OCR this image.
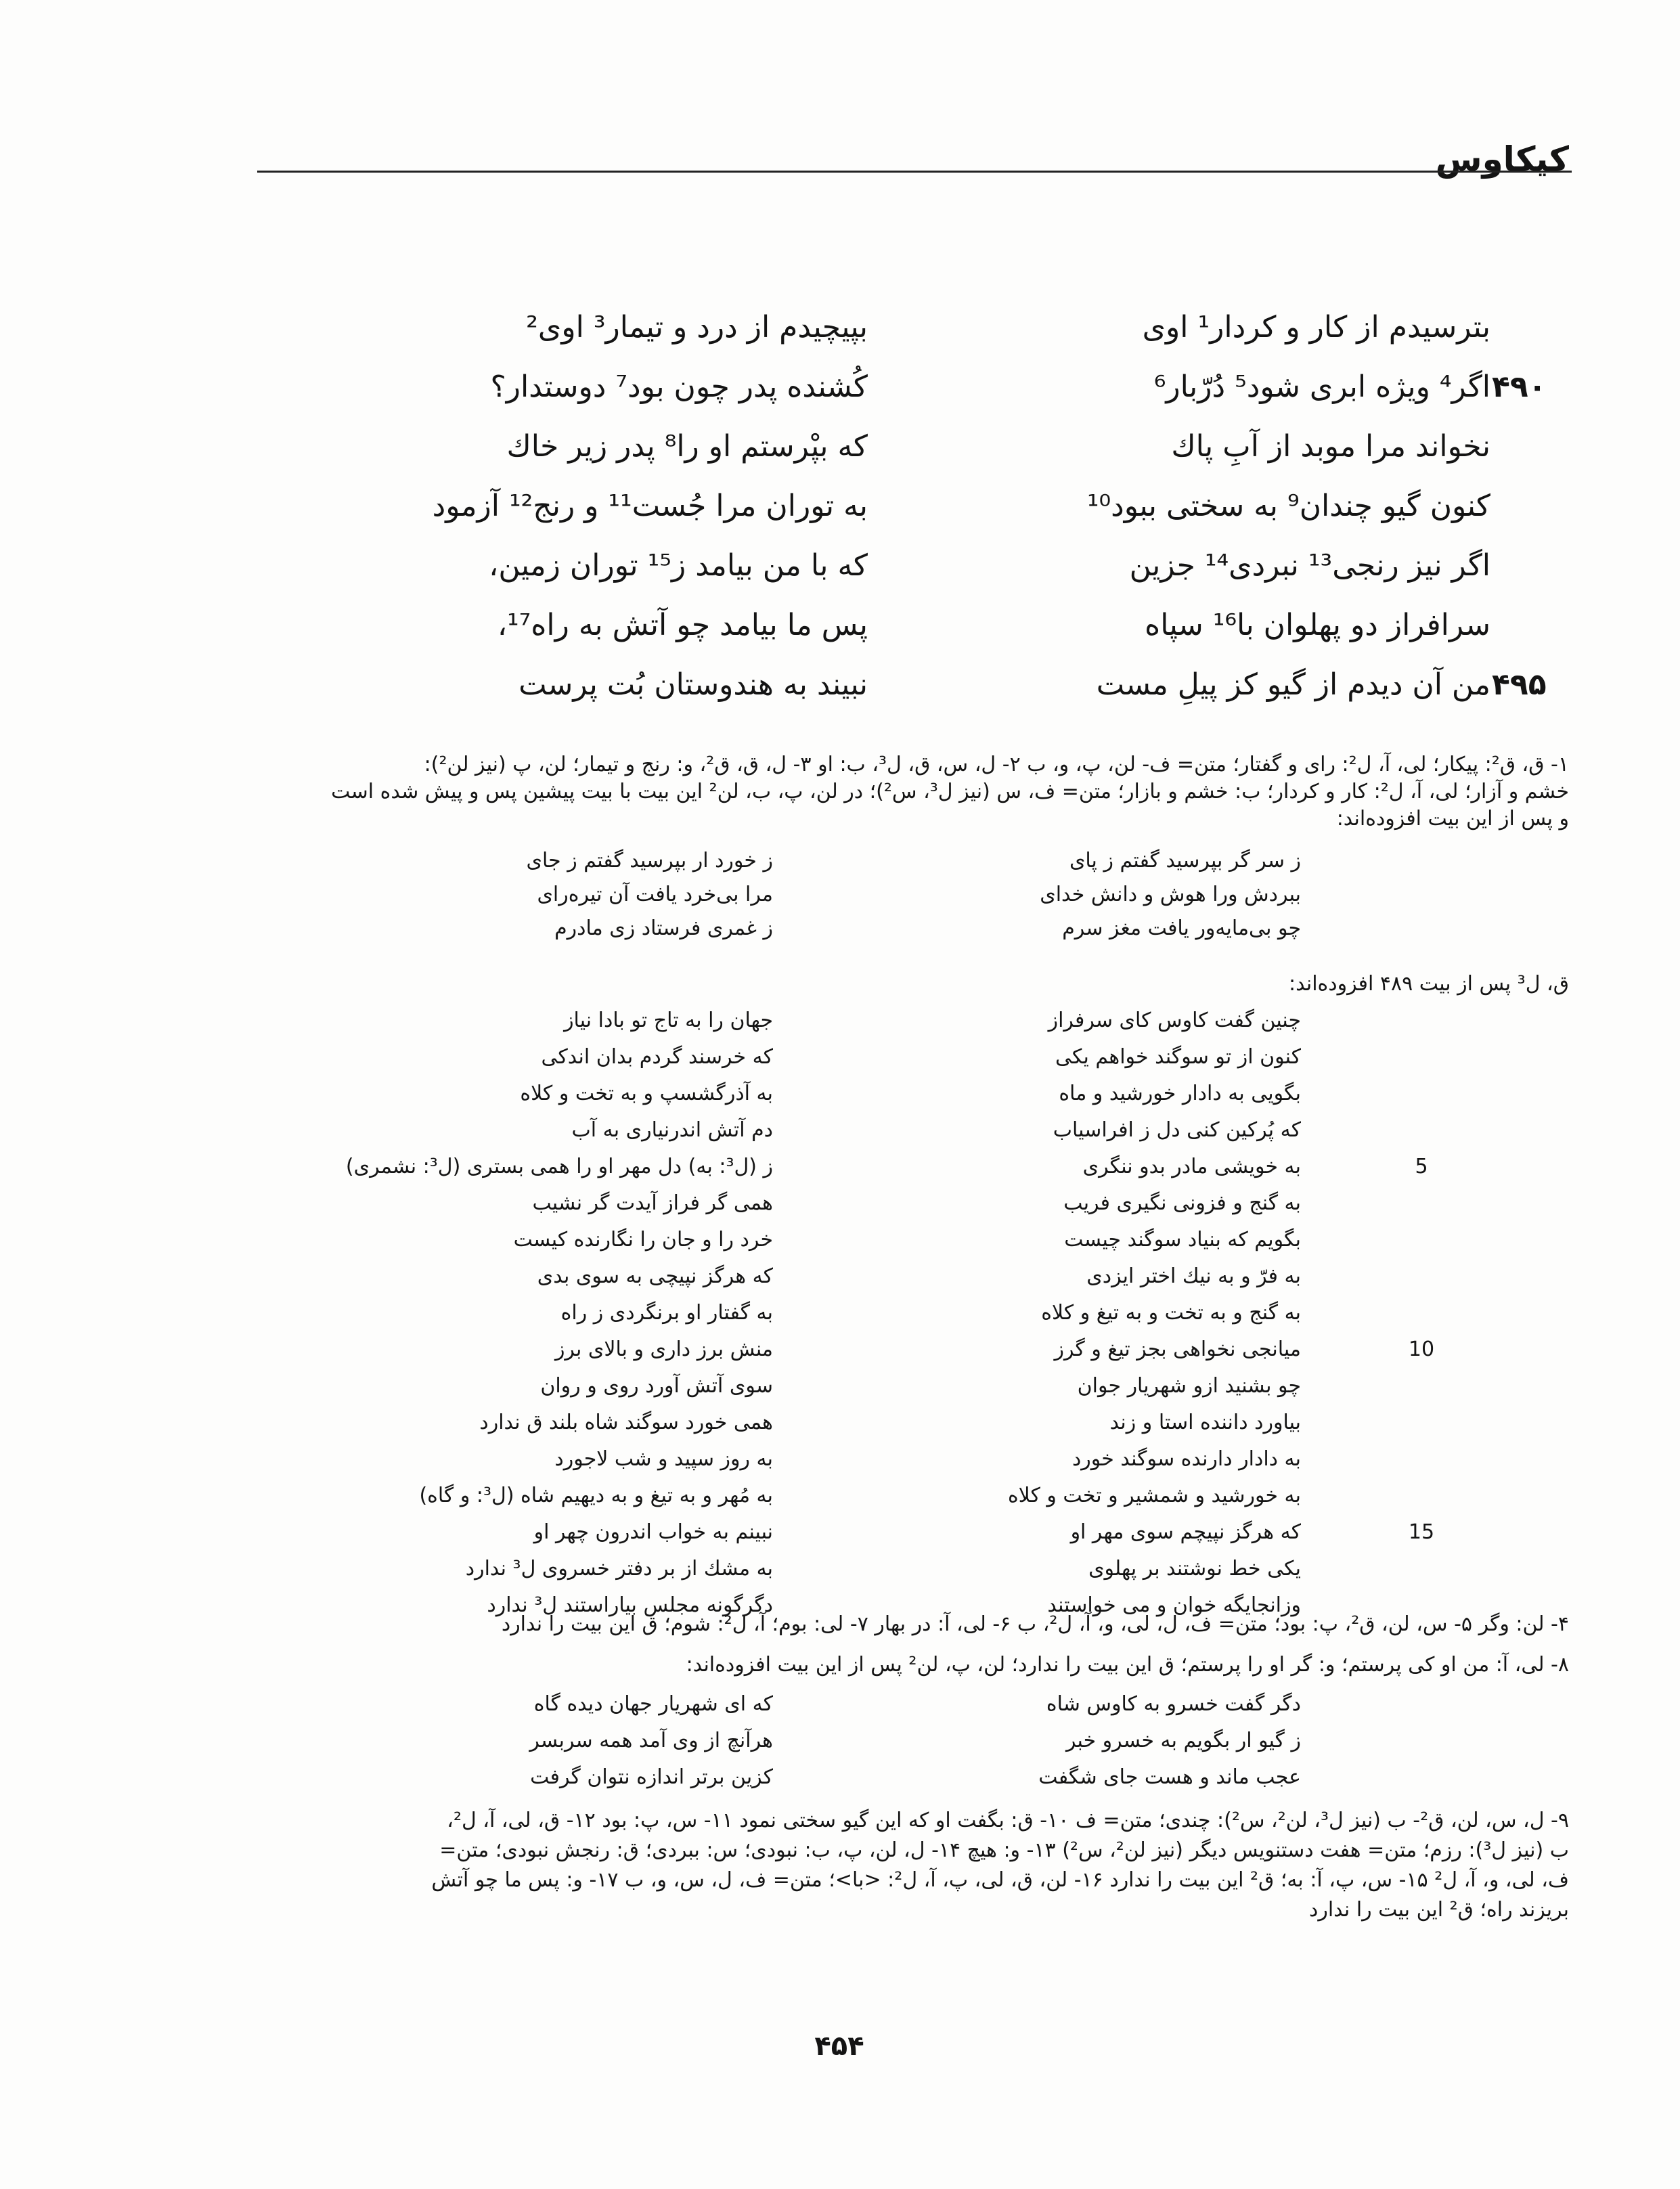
کیکاوس
بترسیدم از کار و کردار¹ اوی
بپیچیدم از درد و تیمار³ اوی²
۴۹۰
اگر⁴ ویژه ابری شود⁵ دُرّبار⁶
کُشنده پدر چون بود⁷ دوستدار؟
نخواند مرا موبد از آبِ پاك
که بپْرستم او را⁸ پدر زیر خاك
کنون گیو چندان⁹ به سختی ببود¹⁰
به توران مرا جُست¹¹ و رنج¹² آزمود
اگر نیز رنجی¹³ نبردی¹⁴ جزین
که با من بیامد ز¹⁵ توران زمین،
سرافراز دو پهلوان با¹⁶ سپاه
پس ما بیامد چو آتش به راه¹⁷،
۴۹۵
من آن دیدم از گیو کز پیلِ مست
نبیند به هندوستان بُت پرست
۱- ق، ق²: پیکار؛ لی، آ، ل²: رای و گفتار؛ متن= ف- لن، پ، و، ب ۲- ل، س، ق، ل³، ب: او ۳- ل، ق، ق²، و: رنج و تیمار؛ لن، پ (نیز لن²):
خشم و آزار؛ لی، آ، ل²: کار و کردار؛ ب: خشم و بازار؛ متن= ف، س (نیز ل³، س²)؛ در لن، پ، ب، لن² این بیت با بیت پیشین پس و پیش شده است
و پس از این بیت افزوده‌اند:
ز سر گر بپرسید گفتم ز پای
ز خورد ار بپرسید گفتم ز جای
ببردش ورا هوش و دانش خدای
مرا بی‌خرد یافت آن تیره‌رای
چو بی‌مایه‌ور یافت مغز سرم
ز غمری فرستاد زی مادرم
ق، ل³ پس از بیت ۴۸۹ افزوده‌اند:
چنین گفت کاوس کای سرفراز
جهان را به تاج تو بادا نیاز
کنون از تو سوگند خواهم یکی
که خرسند گردم بدان اندکی
بگویی به دادار خورشید و ماه
به آذرگشسپ و به تخت و کلاه
که پُرکین کنی دل ز افراسیاب
دم آتش اندرنیاری به آب
5
به خویشی مادر بدو ننگری
ز (ل³: به) دل مهر او را همی بستری (ل³: نشمری)
به گنج و فزونی نگیری فریب
همی گر فراز آیدت گر نشیب
بگویم که بنیاد سوگند چیست
خرد را و جان را نگارنده کیست
به فرّ و به نیك اختر ایزدی
که هرگز نپیچی به سوی بدی
به گنج و به تخت و به تیغ و کلاه
به گفتار او برنگردی ز راه
10
میانجی نخواهی بجز تیغ و گرز
منش برز داری و بالای برز
چو بشنید ازو شهریار جوان
سوی آتش آورد روی و روان
بیاورد داننده استا و زند
همی خورد سوگند شاه بلند ق ندارد
به دادار دارنده سوگند خورد
به روز سپید و شب لاجورد
به خورشید و شمشیر و تخت و کلاه
به مُهر و به تیغ و به دیهیم شاه (ل³: و گاه)
15
که هرگز نپیچم سوی مهر او
نبینم به خواب اندرون چهر او
یکی خط نوشتند بر پهلوی
به مشك از بر دفتر خسروی ل³ ندارد
وزانجایگه خوان و می خواستند
دگرگونه مجلس بیاراستند ل³ ندارد
۴- لن: وگر ۵- س، لن، ق²، پ: بود؛ متن= ف، ل، لی، و، آ، ل²، ب ۶- لی، آ: در بهار ۷- لی: بوم؛ آ، ل²: شوم؛ ق این بیت را ندارد
۸- لی، آ: من او کی پرستم؛ و: گر او را پرستم؛ ق این بیت را ندارد؛ لن، پ، لن² پس از این بیت افزوده‌اند:
دگر گفت خسرو به کاوس شاه
که ای شهریار جهان دیده گاه
ز گیو ار بگویم به خسرو خبر
هرآنچ از وی آمد همه سربسر
عجب ماند و هست جای شگفت
کزین برتر اندازه نتوان گرفت
۹- ل، س، لن، ق²- ب (نیز ل³، لن²، س²): چندی؛ متن= ف ۱۰- ق: بگفت او که این گیو سختی نمود ۱۱- س، پ: بود ۱۲- ق، لی، آ، ل²،
ب (نیز ل³): رزم؛ متن= هفت دستنویس دیگر (نیز لن²، س²) ۱۳- و: هیچ ۱۴- ل، لن، پ، ب: نبودی؛ س: ببردی؛ ق: رنجش نبودی؛ متن=
ف، لی، و، آ، ل² ۱۵- س، پ، آ: به؛ ق² این بیت را ندارد ۱۶- لن، ق، لی، پ، آ، ل²: <با>؛ متن= ف، ل، س، و، ب ۱۷- و: پس ما چو آتش
بریزند راه؛ ق² این بیت را ندارد
۴۵۴
